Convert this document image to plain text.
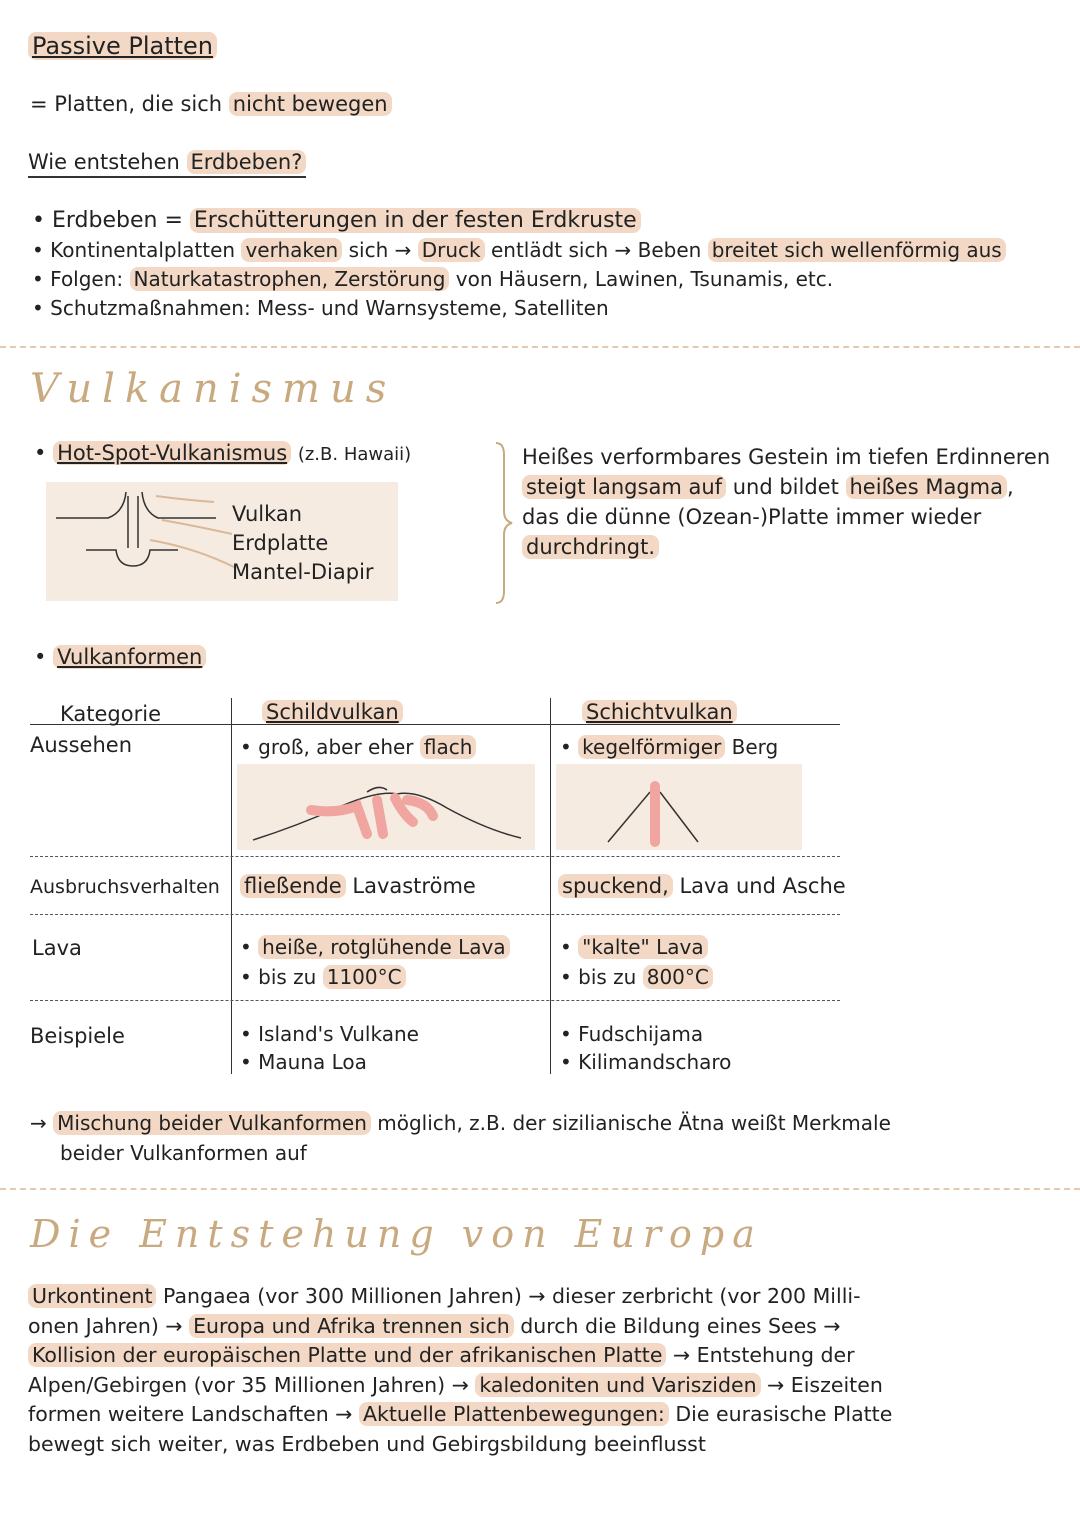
Passive Platten
= Platten, die sich nicht bewegen
Wie entstehen Erdbeben?
• Erdbeben = Erschütterungen in der festen Erdkruste
• Kontinentalplatten verhaken sich → Druck entlädt sich → Beben breitet sich wellenförmig aus
• Folgen: Naturkatastrophen, Zerstörung von Häusern, Lawinen, Tsunamis, etc.
• Schutzmaßnahmen: Mess- und Warnsysteme, Satelliten
Vulkanismus
• Hot-Spot-Vulkanismus (z.B. Hawaii)
Vulkan
Erdplatte
Mantel-Diapir
Heißes verformbares Gestein im tiefen Erdinneren
steigt langsam auf und bildet heißes Magma ,
das die dünne (Ozean-)Platte immer wieder
durchdringt.
• Vulkanformen
Kategorie	Schildvulkan	Schichtvulkan
Aussehen	• groß, aber eher flach	• kegelförmiger Berg
Ausbruchsverhalten fließende Lavaströme	spuckend, Lava und Asche
Lava	• heiße, rotglühende Lava
• bis zu 1100°C
• "kalte" Lava
• bis zu 800°C
Beispiele	• Island's Vulkane
• Mauna Loa
• Fudschijama
• Kilimandscharo
→ Mischung beider Vulkanformen möglich, z.B. der sizilianische Ätna weißt Merkmale
beider Vulkanformen auf
Die Entstehung von Europa
Urkontinent Pangaea (vor 300 Millionen Jahren) → dieser zerbricht (vor 200 Milli-
onen Jahren) → Europa und Afrika trennen sich durch die Bildung eines Sees →
Kollision der europäischen Platte und der afrikanischen Platte → Entstehung der
Alpen/Gebirgen (vor 35 Millionen Jahren) → kaledoniten und Varisziden → Eiszeiten
formen weitere Landschaften → Aktuelle Plattenbewegungen: Die eurasische Platte
bewegt sich weiter, was Erdbeben und Gebirgsbildung beeinflusst
